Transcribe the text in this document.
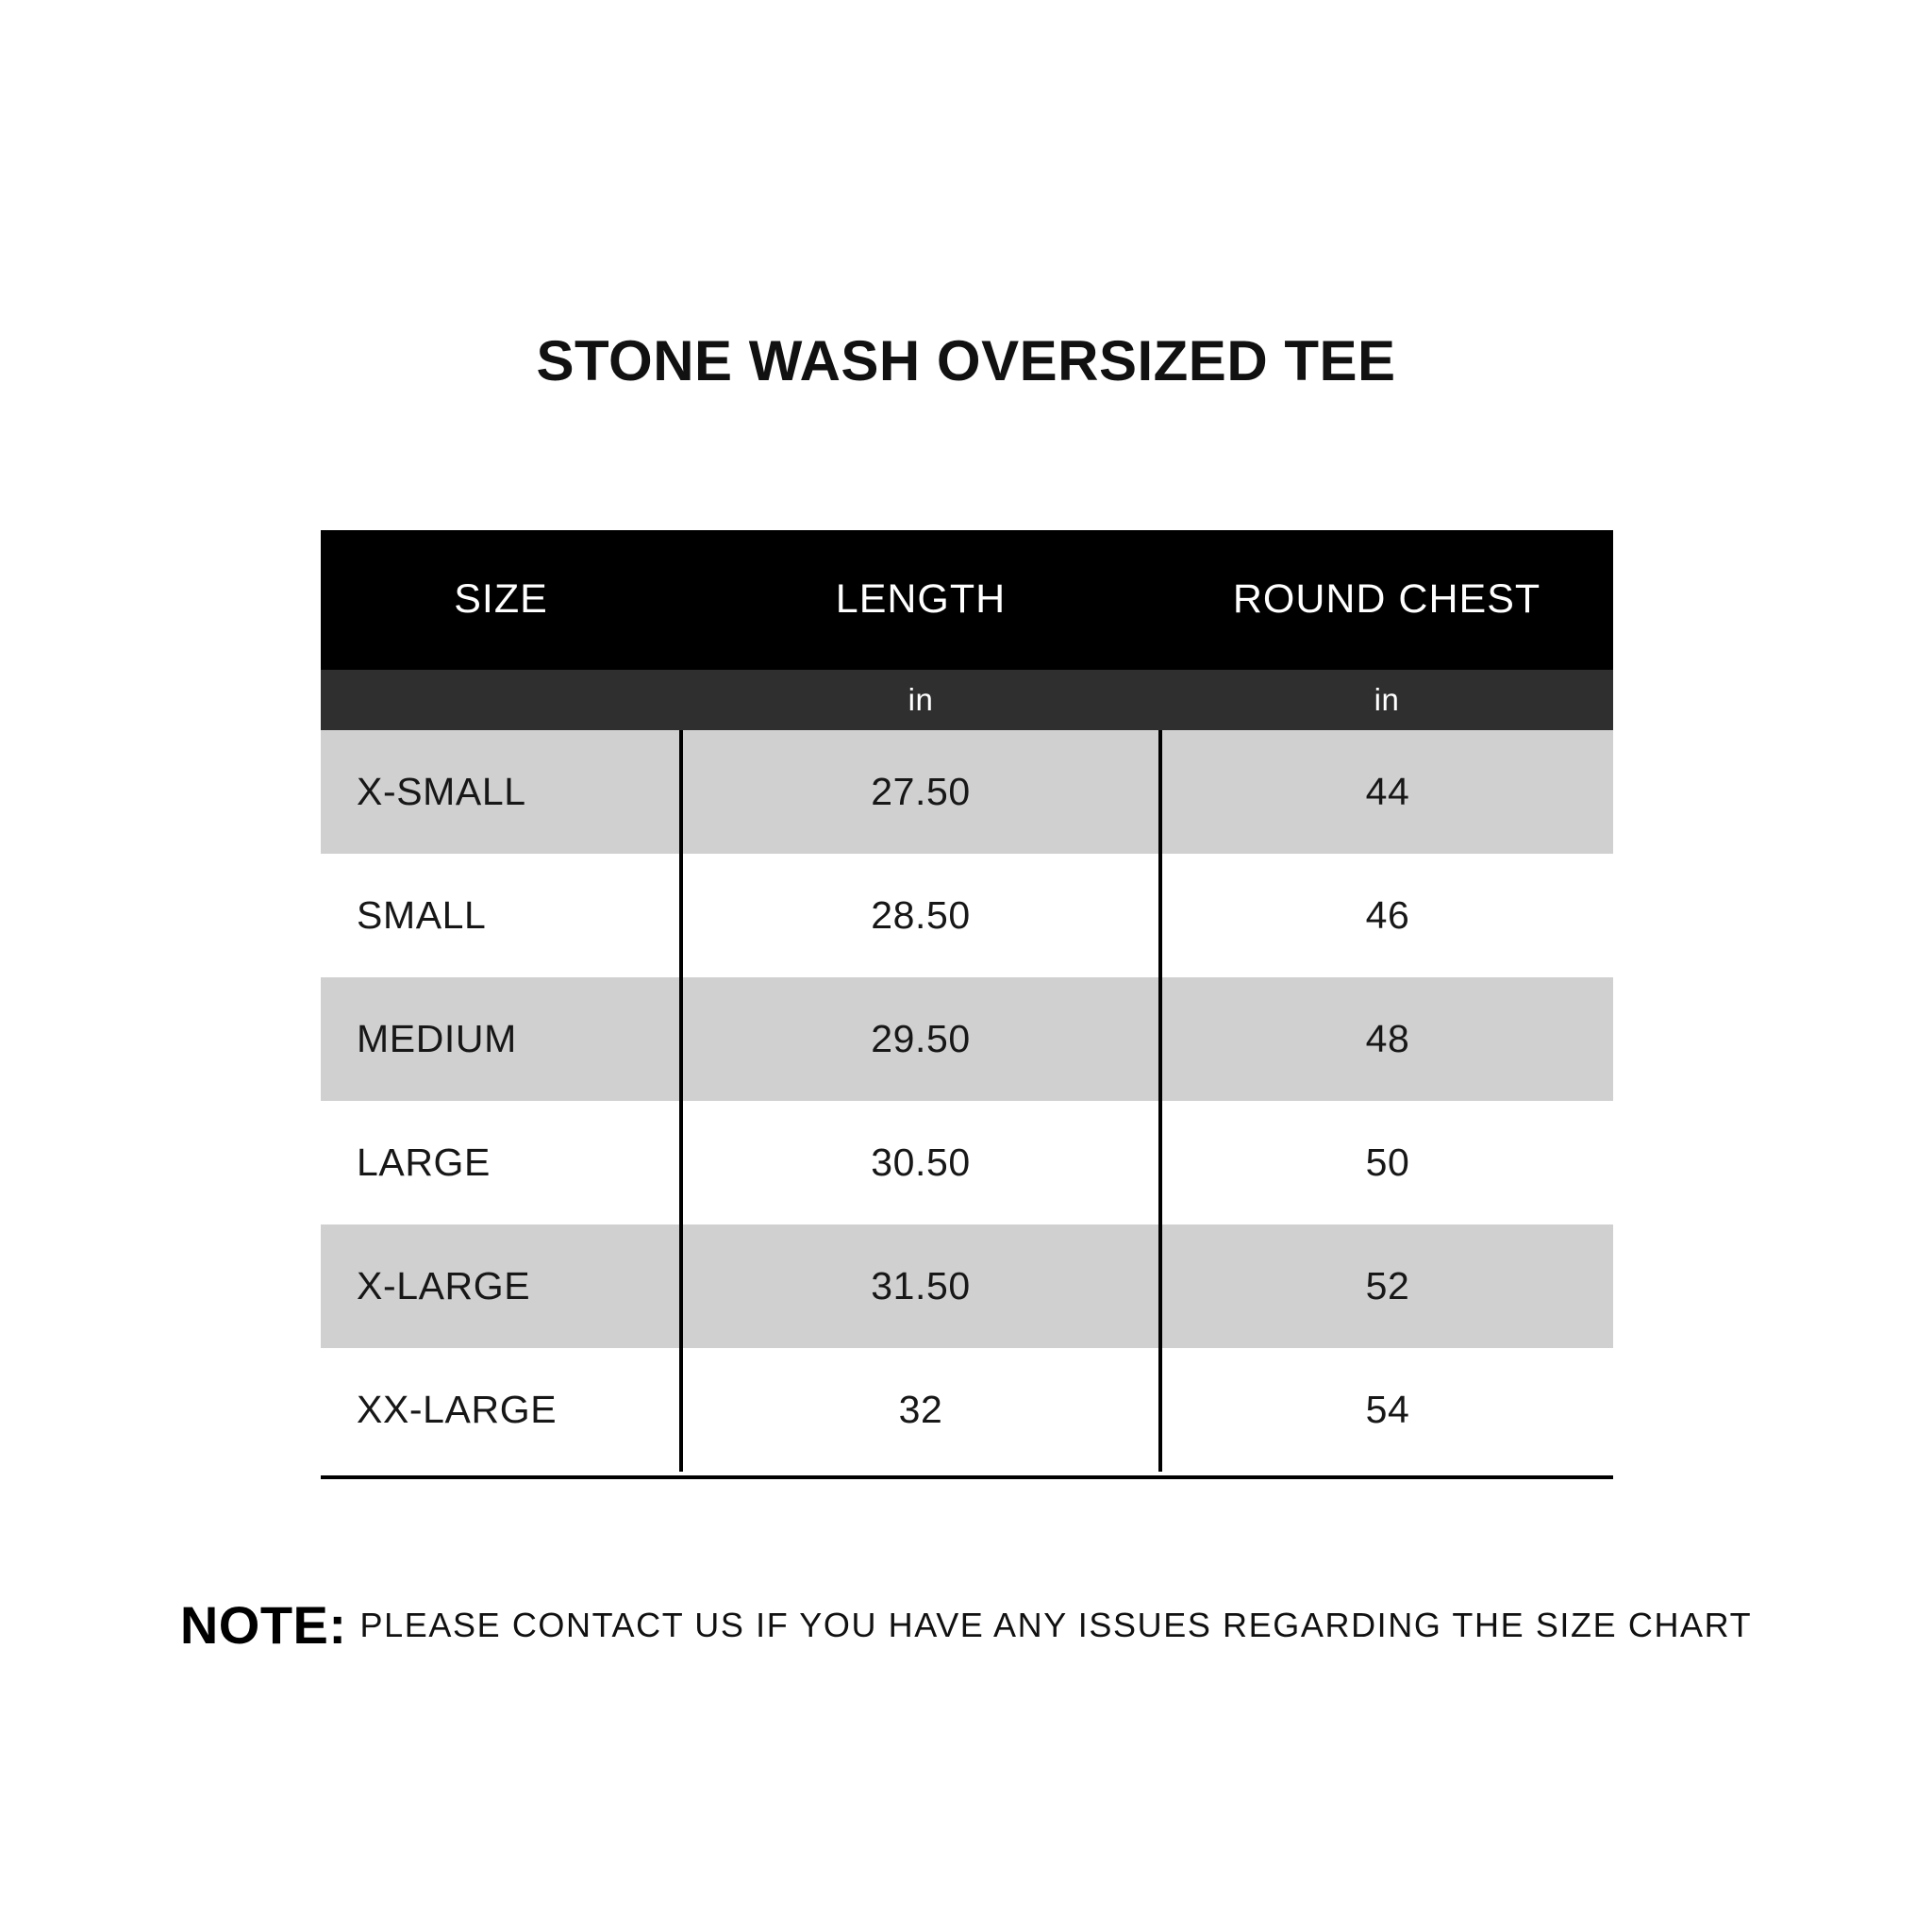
STONE WASH OVERSIZED TEE
SIZE	LENGTH	ROUND CHEST
	in	in
X-SMALL	27.50	44
SMALL	28.50	46
MEDIUM	29.50	48
LARGE	30.50	50
X-LARGE	31.50	52
XX-LARGE	32	54
NOTE: PLEASE CONTACT US IF YOU HAVE ANY ISSUES REGARDING THE SIZE CHART
